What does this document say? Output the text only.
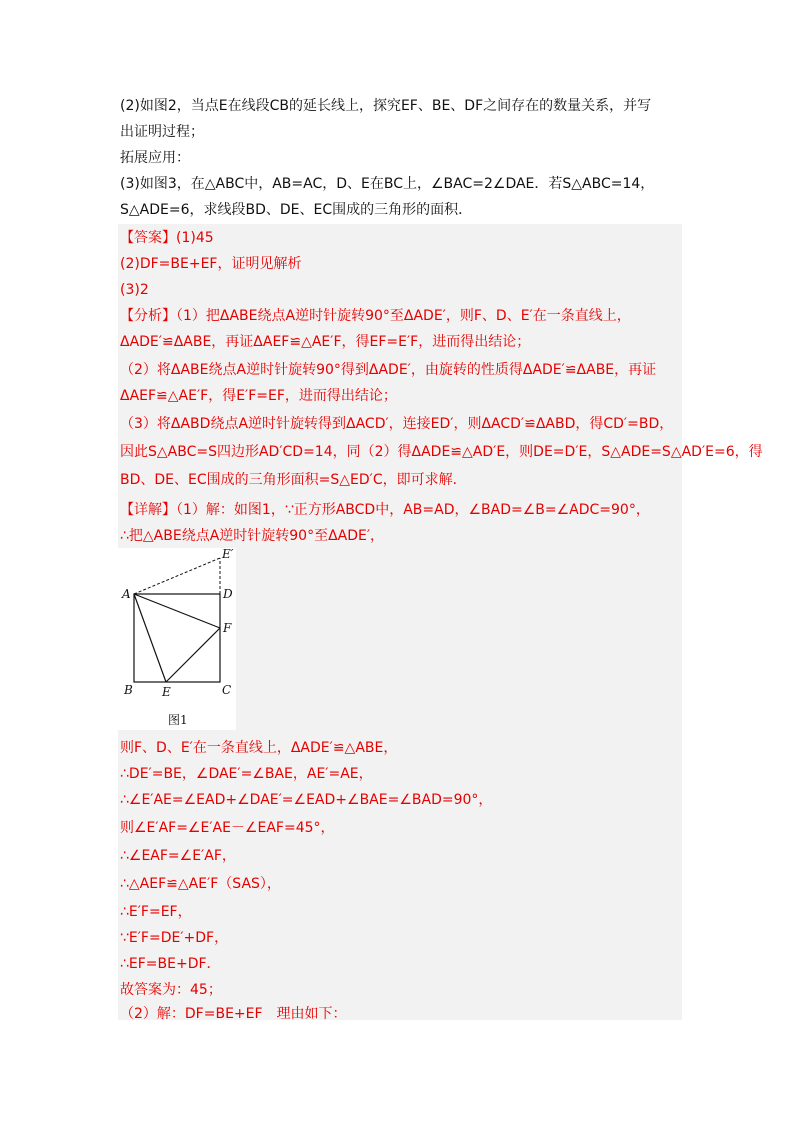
(2)如图2，当点E在线段CB的延长线上，探究EF、BE、DF之间存在的数量关系，并写
出证明过程；
拓展应用：
(3)如图3，在△ABC中，AB=AC，D、E在BC上，∠BAC=2∠DAE．若S△ABC=14，
S△ADE=6，求线段BD、DE、EC围成的三角形的面积．
【答案】(1)45
(2)DF=BE+EF，证明见解析
(3)2
【分析】（1）把ΔABE绕点A逆时针旋转90°至ΔADE′，则F、D、E′在一条直线上，
ΔADE′≌ΔABE，再证ΔAEF≌△AE′F，得EF=E′F，进而得出结论；
（2）将ΔABE绕点A逆时针旋转90°得到ΔADE′，由旋转的性质得ΔADE′≌ΔABE，再证
ΔAEF≌△AE′F，得E′F=EF，进而得出结论；
（3）将ΔABD绕点A逆时针旋转得到ΔACD′，连接ED′，则ΔACD′≌ΔABD，得CD′=BD，
因此S△ABC=S四边形AD′CD=14，同（2）得ΔADE≌△AD′E，则DE=D′E，S△ADE=S△AD′E=6，得
BD、DE、EC围成的三角形面积=S△ED′C，即可求解．
【详解】（1）解：如图1，∵正方形ABCD中，AB=AD，∠BAD=∠B=∠ADC=90°，
∴把△ABE绕点A逆时针旋转90°至ΔADE′，
E′
A	D
F
B E	C
图1
则F、D、E′在一条直线上，ΔADE′≌△ABE，
∴DE′=BE，∠DAE′=∠BAE，AE′=AE，
∴∠E′AE=∠EAD+∠DAE′=∠EAD+∠BAE=∠BAD=90°，
则∠E′AF=∠E′AE－∠EAF=45°，
∴∠EAF=∠E′AF，
∴△AEF≌△AE′F（SAS），
∴E′F=EF，
∵E′F=DE′+DF，
∴EF=BE+DF．
故答案为：45；
（2）解：DF=BE+EF　理由如下：
